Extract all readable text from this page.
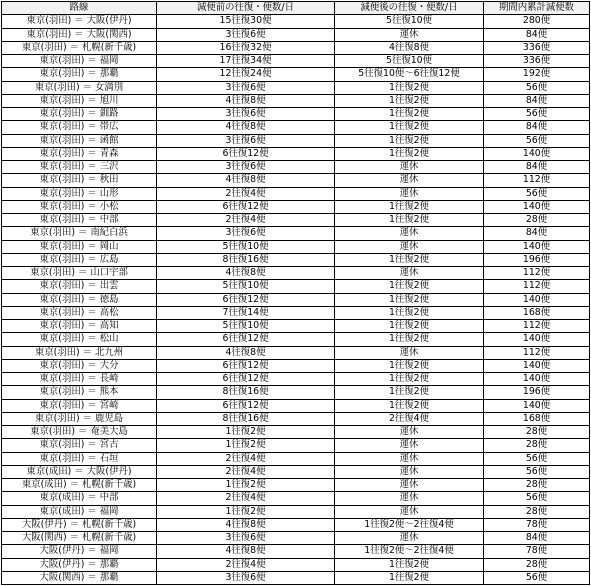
路線	減便前の往復・便数/日	減便後の往復・便数/日	期間内累計減便数
東京(羽田) ＝ 大阪(伊丹)	15往復30便	5往復10便	280便
東京(羽田) ＝ 大阪(関西)	3往復6便	運休	84便
東京(羽田) ＝ 札幌(新千歳)	16往復32便	4往復8便	336便
東京(羽田) ＝ 福岡	17往復34便	5往復10便	336便
東京(羽田) ＝ 那覇	12往復24便	5往復10便～6往復12便	192便
東京(羽田) ＝ 女満別	3往復6便	1往復2便	56便
東京(羽田) ＝ 旭川	4往復8便	1往復2便	84便
東京(羽田) ＝ 釧路	3往復6便	1往復2便	56便
東京(羽田) ＝ 帯広	4往復8便	1往復2便	84便
東京(羽田) ＝ 函館	3往復6便	1往復2便	56便
東京(羽田) ＝ 青森	6往復12便	1往復2便	140便
東京(羽田) ＝ 三沢	3往復6便	運休	84便
東京(羽田) ＝ 秋田	4往復8便	運休	112便
東京(羽田) ＝ 山形	2往復4便	運休	56便
東京(羽田) ＝ 小松	6往復12便	1往復2便	140便
東京(羽田) ＝ 中部	2往復4便	1往復2便	28便
東京(羽田) ＝ 南紀白浜	3往復6便	運休	84便
東京(羽田) ＝ 岡山	5往復10便	運休	140便
東京(羽田) ＝ 広島	8往復16便	1往復2便	196便
東京(羽田) ＝ 山口宇部	4往復8便	運休	112便
東京(羽田) ＝ 出雲	5往復10便	1往復2便	112便
東京(羽田) ＝ 徳島	6往復12便	1往復2便	140便
東京(羽田) ＝ 高松	7往復14便	1往復2便	168便
東京(羽田) ＝ 高知	5往復10便	1往復2便	112便
東京(羽田) ＝ 松山	6往復12便	1往復2便	140便
東京(羽田) ＝ 北九州	4往復8便	運休	112便
東京(羽田) ＝ 大分	6往復12便	1往復2便	140便
東京(羽田) ＝ 長崎	6往復12便	1往復2便	140便
東京(羽田) ＝ 熊本	8往復16便	1往復2便	196便
東京(羽田) ＝ 宮崎	6往復12便	1往復2便	140便
東京(羽田) ＝ 鹿児島	8往復16便	2往復4便	168便
東京(羽田) ＝ 奄美大島	1往復2便	運休	28便
東京(羽田) ＝ 宮古	1往復2便	運休	28便
東京(羽田) ＝ 石垣	2往復4便	運休	56便
東京(成田) ＝ 大阪(伊丹)	2往復4便	運休	56便
東京(成田) ＝ 札幌(新千歳)	1往復2便	運休	28便
東京(成田) ＝ 中部	2往復4便	運休	56便
東京(成田) ＝ 福岡	1往復2便	運休	28便
大阪(伊丹) ＝ 札幌(新千歳)	4往復8便	1往復2便～2往復4便	78便
大阪(関西) ＝ 札幌(新千歳)	3往復6便	運休	84便
大阪(伊丹) ＝ 福岡	4往復8便	1往復2便～2往復4便	78便
大阪(伊丹) ＝ 那覇	2往復4便	1往復2便	28便
大阪(関西) ＝ 那覇	3往復6便	1往復2便	56便
